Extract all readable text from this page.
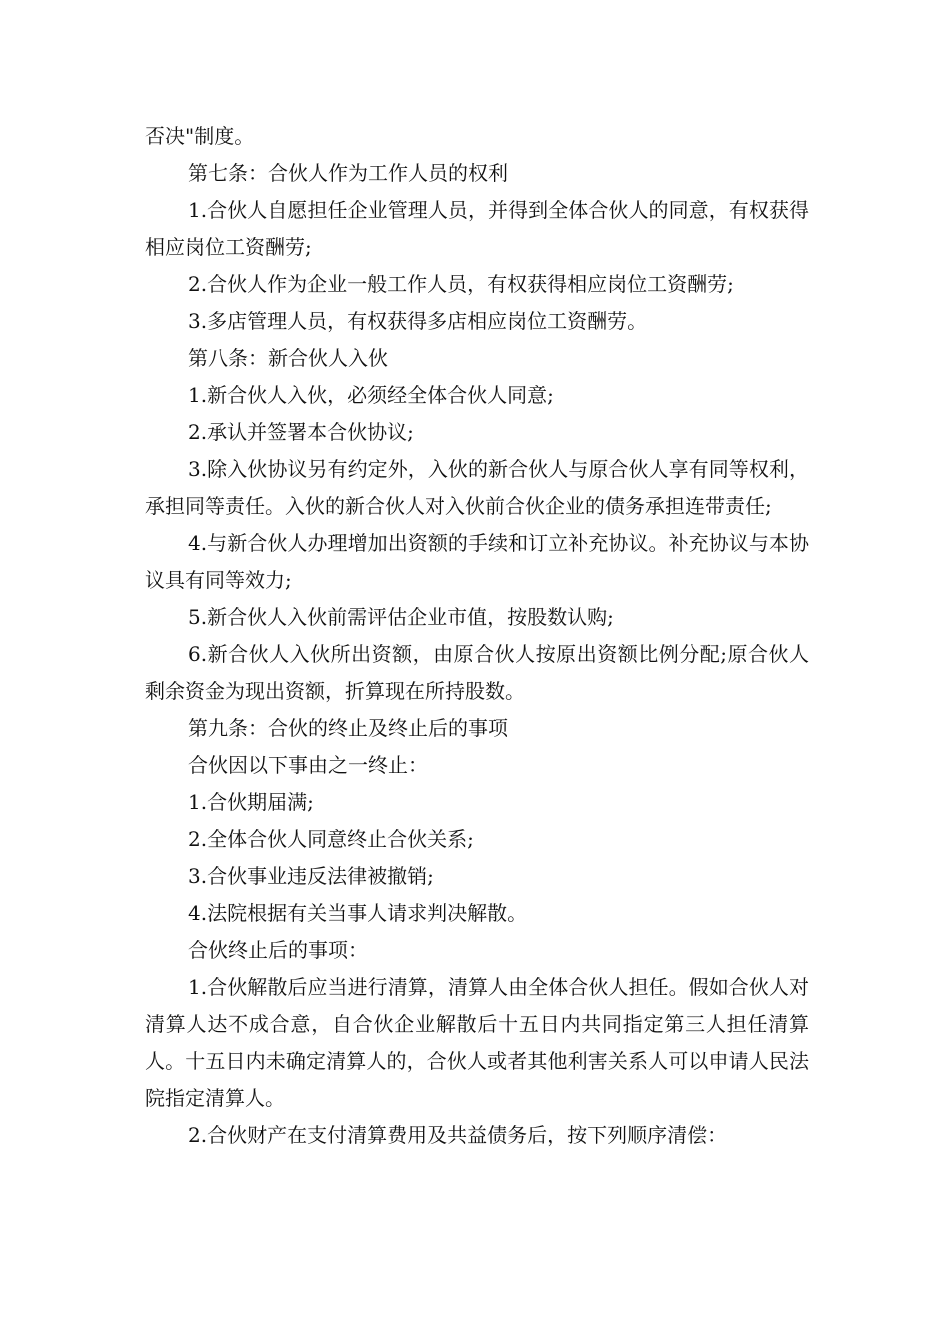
否决"制度。

第七条：合伙人作为工作人员的权利

1.合伙人自愿担任企业管理人员，并得到全体合伙人的同意，有权获得相应岗位工资酬劳;

2.合伙人作为企业一般工作人员，有权获得相应岗位工资酬劳;

3.多店管理人员，有权获得多店相应岗位工资酬劳。

第八条：新合伙人入伙

1.新合伙人入伙，必须经全体合伙人同意;

2.承认并签署本合伙协议;

3.除入伙协议另有约定外，入伙的新合伙人与原合伙人享有同等权利，承担同等责任。入伙的新合伙人对入伙前合伙企业的债务承担连带责任;

4.与新合伙人办理增加出资额的手续和订立补充协议。补充协议与本协议具有同等效力;

5.新合伙人入伙前需评估企业市值，按股数认购;

6.新合伙人入伙所出资额，由原合伙人按原出资额比例分配;原合伙人剩余资金为现出资额，折算现在所持股数。

第九条：合伙的终止及终止后的事项

合伙因以下事由之一终止：

1.合伙期届满;

2.全体合伙人同意终止合伙关系;

3.合伙事业违反法律被撤销;

4.法院根据有关当事人请求判决解散。

合伙终止后的事项：

1.合伙解散后应当进行清算，清算人由全体合伙人担任。假如合伙人对清算人达不成合意，自合伙企业解散后十五日内共同指定第三人担任清算人。十五日内未确定清算人的，合伙人或者其他利害关系人可以申请人民法院指定清算人。

2.合伙财产在支付清算费用及共益债务后，按下列顺序清偿：
